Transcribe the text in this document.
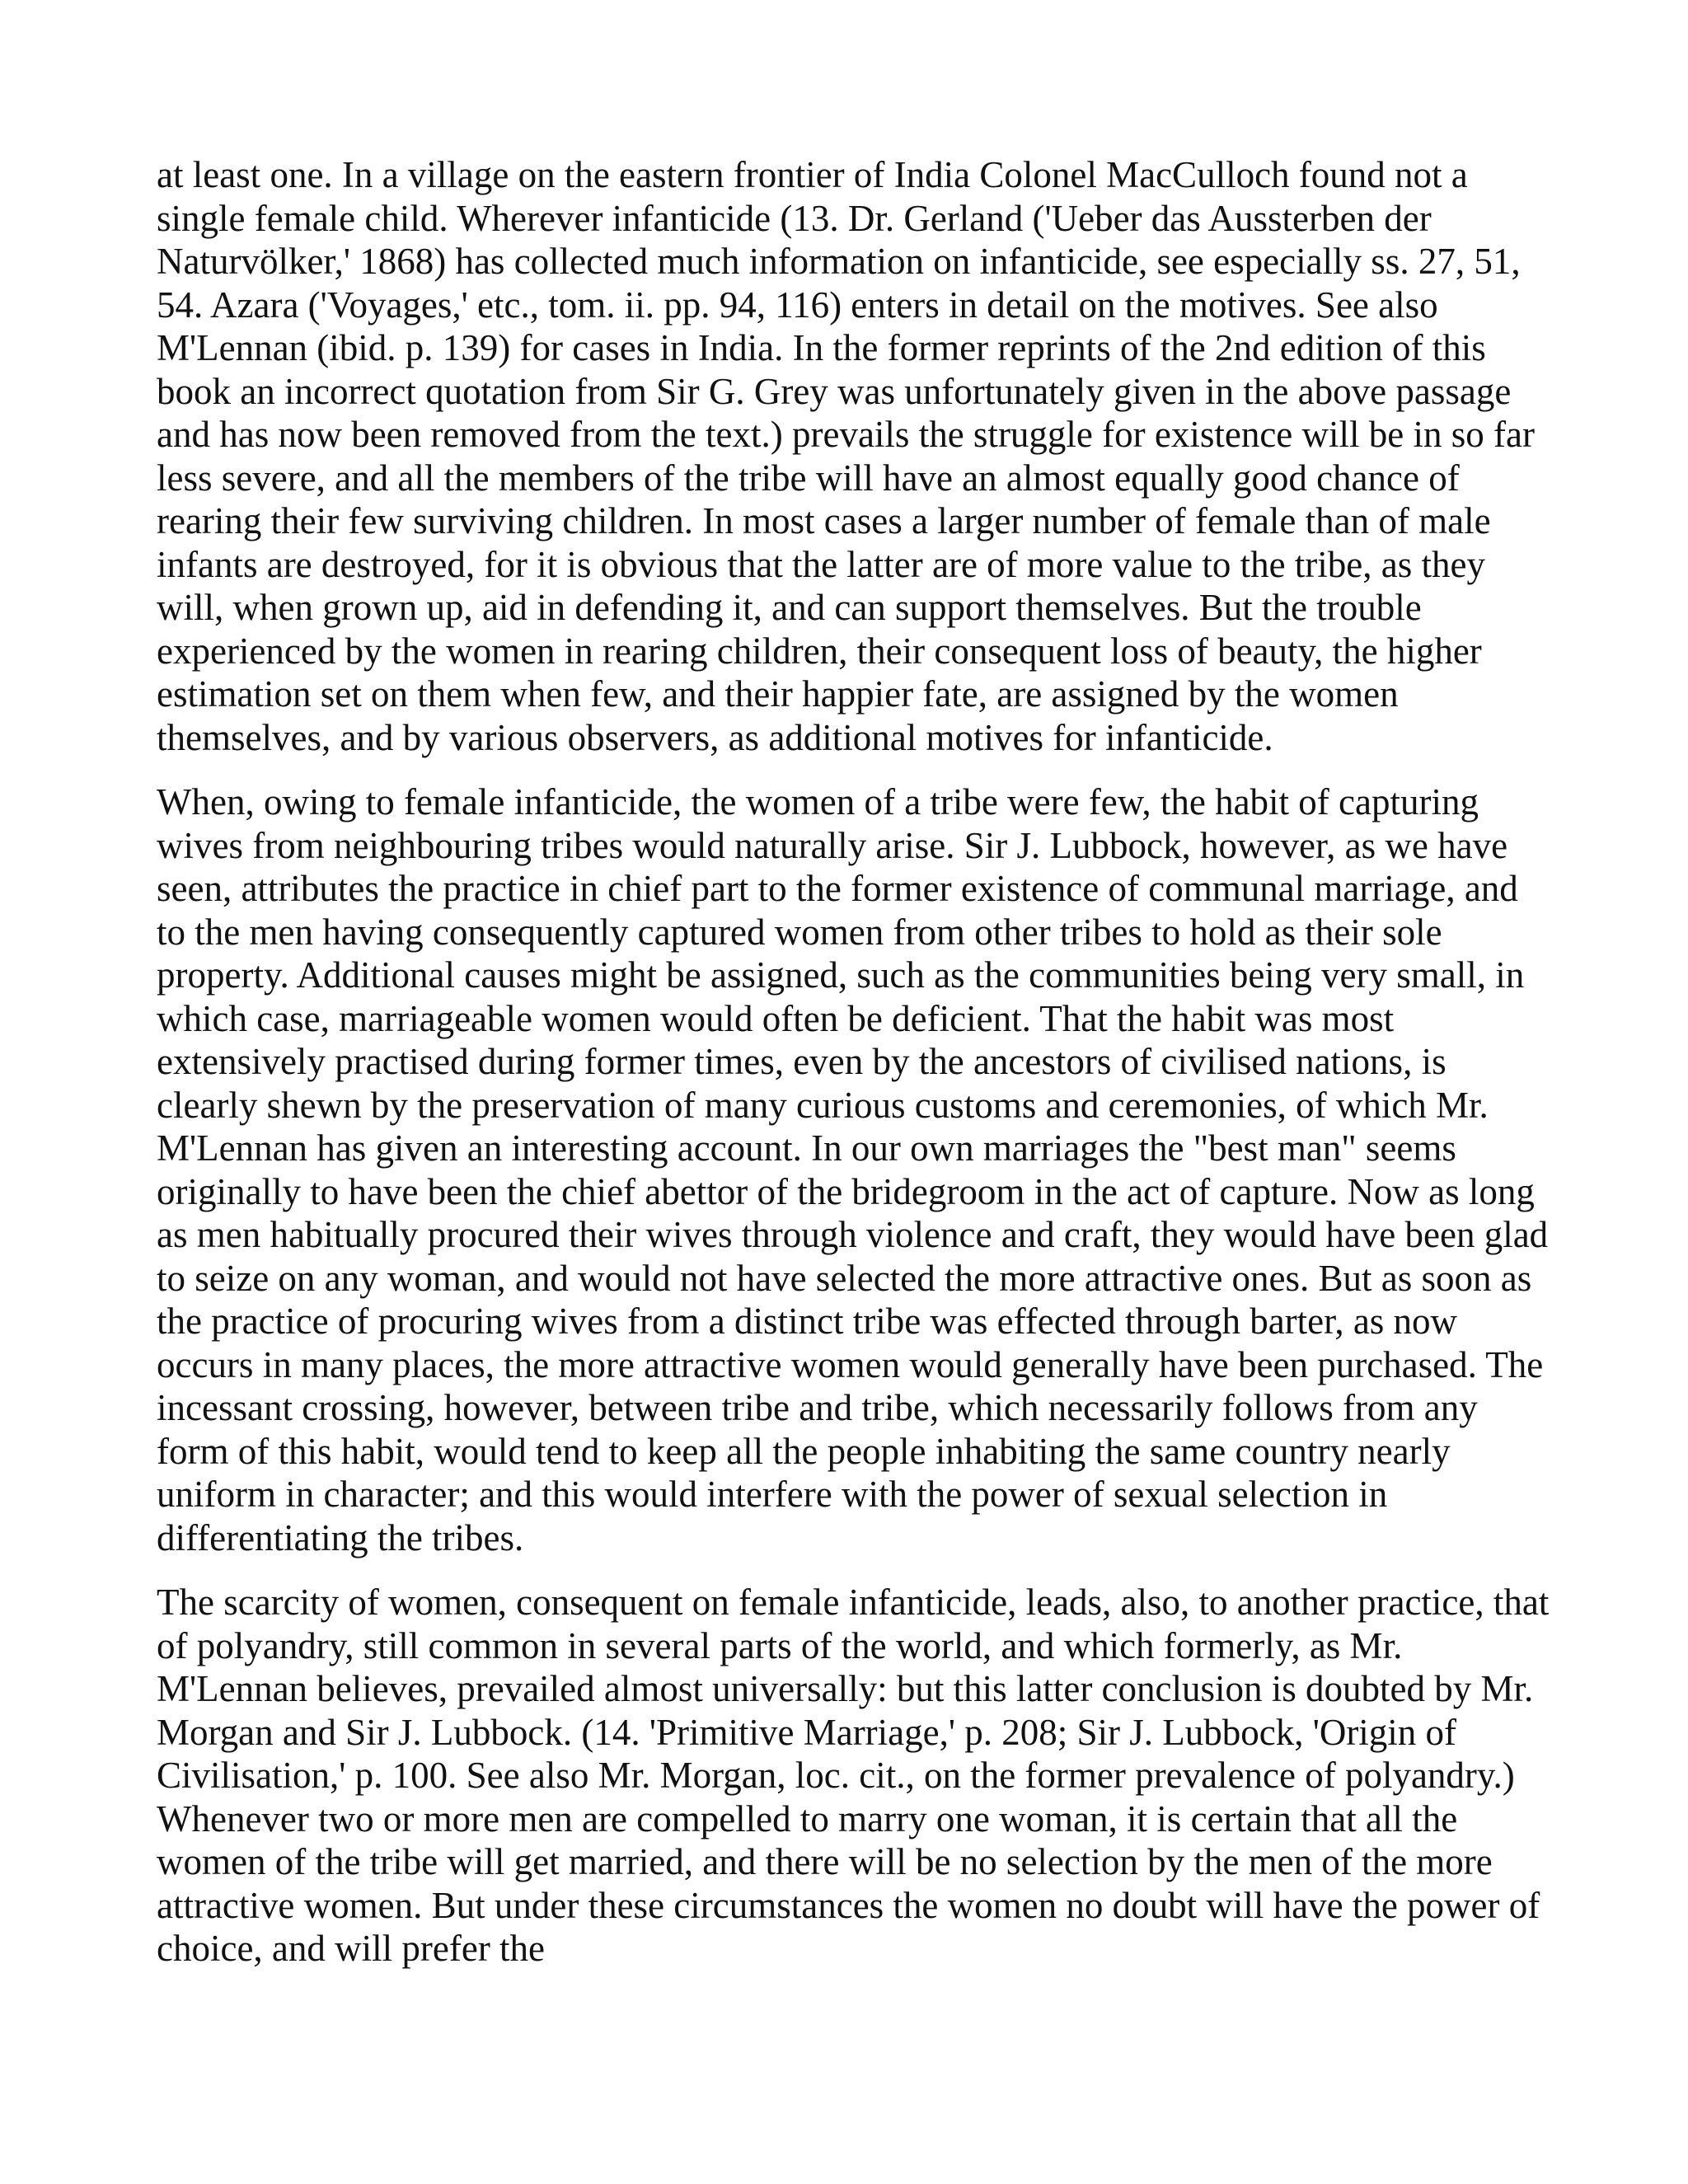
at least one. In a village on the eastern frontier of India Colonel MacCulloch found not a single female child. Wherever infanticide (13. Dr. Gerland ('Ueber das Aussterben der Naturvölker,' 1868) has collected much information on infanticide, see especially ss. 27, 51, 54. Azara ('Voyages,' etc., tom. ii. pp. 94, 116) enters in detail on the motives. See also M'Lennan (ibid. p. 139) for cases in India. In the former reprints of the 2nd edition of this book an incorrect quotation from Sir G. Grey was unfortunately given in the above passage and has now been removed from the text.) prevails the struggle for existence will be in so far less severe, and all the members of the tribe will have an almost equally good chance of rearing their few surviving children. In most cases a larger number of female than of male infants are destroyed, for it is obvious that the latter are of more value to the tribe, as they will, when grown up, aid in defending it, and can support themselves. But the trouble experienced by the women in rearing children, their consequent loss of beauty, the higher estimation set on them when few, and their happier fate, are assigned by the women themselves, and by various observers, as additional motives for infanticide.

When, owing to female infanticide, the women of a tribe were few, the habit of capturing wives from neighbouring tribes would naturally arise. Sir J. Lubbock, however, as we have seen, attributes the practice in chief part to the former existence of communal marriage, and to the men having consequently captured women from other tribes to hold as their sole property. Additional causes might be assigned, such as the communities being very small, in which case, marriageable women would often be deficient. That the habit was most extensively practised during former times, even by the ancestors of civilised nations, is clearly shewn by the preservation of many curious customs and ceremonies, of which Mr. M'Lennan has given an interesting account. In our own marriages the "best man" seems originally to have been the chief abettor of the bridegroom in the act of capture. Now as long as men habitually procured their wives through violence and craft, they would have been glad to seize on any woman, and would not have selected the more attractive ones. But as soon as the practice of procuring wives from a distinct tribe was effected through barter, as now occurs in many places, the more attractive women would generally have been purchased. The incessant crossing, however, between tribe and tribe, which necessarily follows from any form of this habit, would tend to keep all the people inhabiting the same country nearly uniform in character; and this would interfere with the power of sexual selection in differentiating the tribes.

The scarcity of women, consequent on female infanticide, leads, also, to another practice, that of polyandry, still common in several parts of the world, and which formerly, as Mr. M'Lennan believes, prevailed almost universally: but this latter conclusion is doubted by Mr. Morgan and Sir J. Lubbock. (14. 'Primitive Marriage,' p. 208; Sir J. Lubbock, 'Origin of Civilisation,' p. 100. See also Mr. Morgan, loc. cit., on the former prevalence of polyandry.) Whenever two or more men are compelled to marry one woman, it is certain that all the women of the tribe will get married, and there will be no selection by the men of the more attractive women. But under these circumstances the women no doubt will have the power of choice, and will prefer the
